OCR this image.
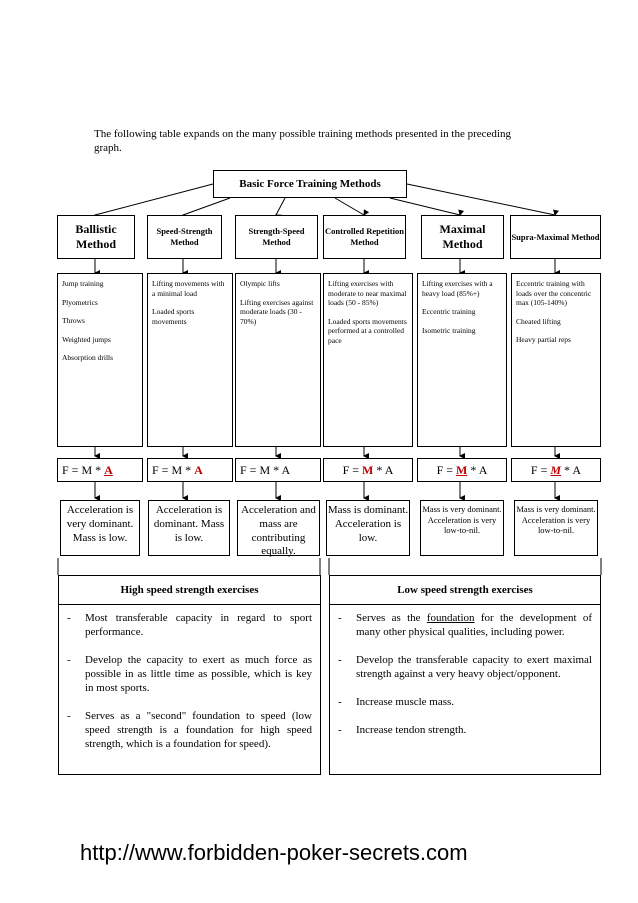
The following table expands on the many possible training methods presented in the preceding graph.
Basic Force Training Methods
Ballistic Method
Speed-Strength Method
Strength-Speed Method
Controlled Repetition Method
Maximal Method
Supra-Maximal Method

Jump training

Plyometrics

Throws

Weighted jumps

Absorption drills

Lifting movements with a minimal load

Loaded sports movements

Olympic lifts

Lifting exercises against moderate loads (30 - 70%)

Lifting exercises with moderate to near maximal loads (50 - 85%)

Loaded sports movements performed at a controlled pace

Lifting exercises with a heavy load (85%+)

Eccentric training

Isometric training

Eccentric training with loads over the concentric max (105-140%)

Cheated lifting

Heavy partial reps

F = M * A	F = M * A	F = M * A	F = M * A	F = M * A	F = M * A
Acceleration is very dominant. Mass is low.
Acceleration is dominant. Mass is low.
Acceleration and mass are contributing equally.
Mass is dominant. Acceleration is low.
Mass is very dominant. Acceleration is very low-to-nil.
Mass is very dominant. Acceleration is very low-to-nil.
High speed strength exercises
-	Most transferable capacity in regard to sport performance.
-	Develop the capacity to exert as much force as possible in as little time as possible, which is key in most sports.
-	Serves as a "second" foundation to speed (low speed strength is a foundation for high speed strength, which is a foundation for speed).
Low speed strength exercises
-	Serves as the foundation for the development of many other physical qualities, including power.
-	Develop the transferable capacity to exert maximal strength against a very heavy object/opponent.
-	Increase muscle mass.
-	Increase tendon strength.
http://www.forbidden-poker-secrets.com
